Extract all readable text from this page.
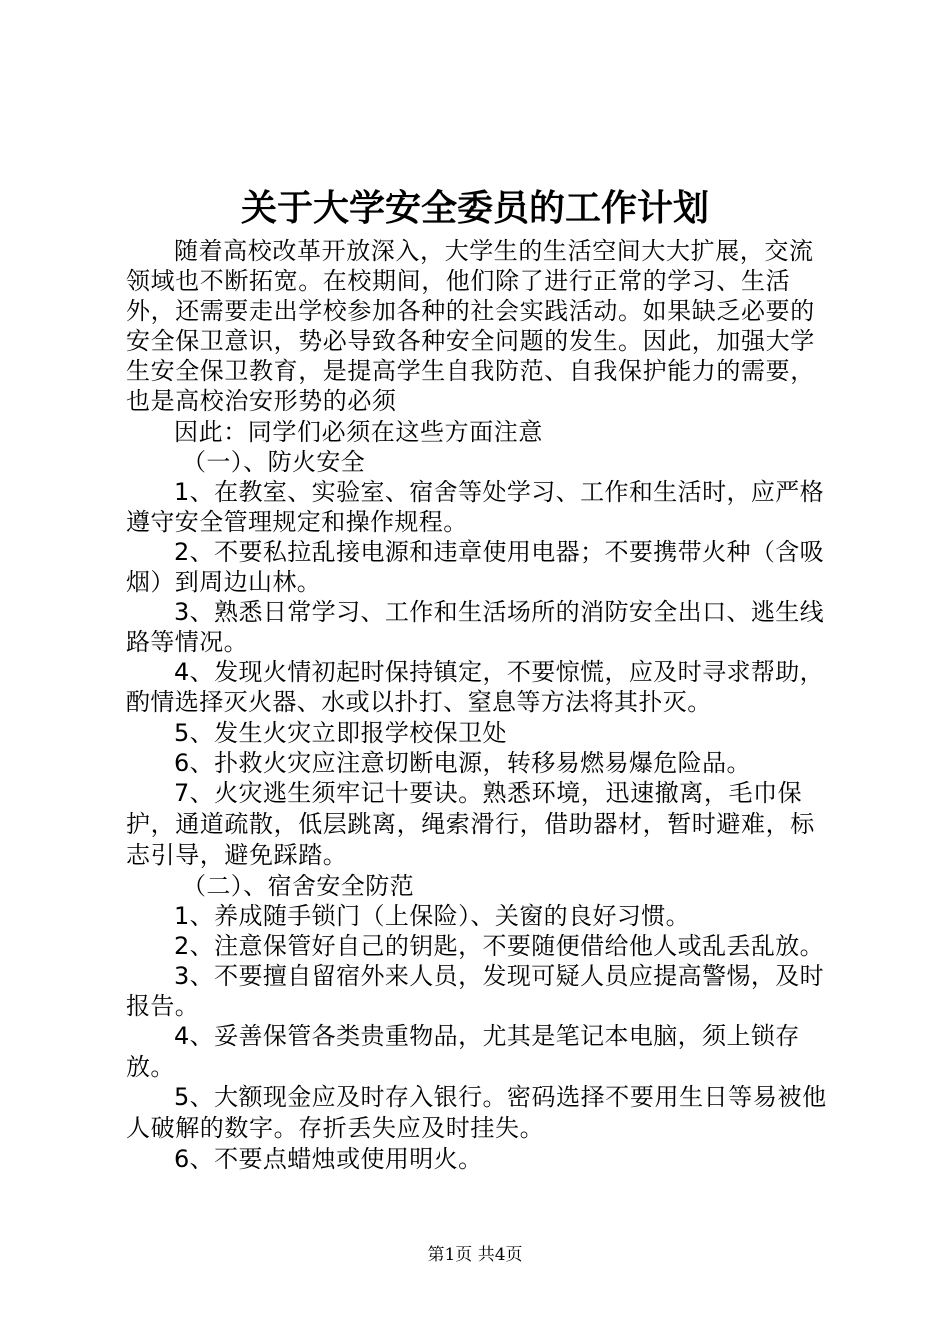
关于大学安全委员的工作计划

随着高校改革开放深入，大学生的生活空间大大扩展，交流领域也不断拓宽。在校期间，他们除了进行正常的学习、生活外，还需要走出学校参加各种的社会实践活动。如果缺乏必要的安全保卫意识，势必导致各种安全问题的发生。因此，加强大学生安全保卫教育，是提高学生自我防范、自我保护能力的需要，也是高校治安形势的必须

因此：同学们必须在这些方面注意

（一）、防火安全

1、在教室、实验室、宿舍等处学习、工作和生活时，应严格遵守安全管理规定和操作规程。

2、不要私拉乱接电源和违章使用电器；不要携带火种（含吸烟）到周边山林。

3、熟悉日常学习、工作和生活场所的消防安全出口、逃生线路等情况。

4、发现火情初起时保持镇定，不要惊慌，应及时寻求帮助，酌情选择灭火器、水或以扑打、窒息等方法将其扑灭。

5、发生火灾立即报学校保卫处

6、扑救火灾应注意切断电源，转移易燃易爆危险品。

7、火灾逃生须牢记十要诀。熟悉环境，迅速撤离，毛巾保护，通道疏散，低层跳离，绳索滑行，借助器材，暂时避难，标志引导，避免踩踏。

（二）、宿舍安全防范

1、养成随手锁门（上保险）、关窗的良好习惯。

2、注意保管好自己的钥匙，不要随便借给他人或乱丢乱放。

3、不要擅自留宿外来人员，发现可疑人员应提高警惕，及时报告。

4、妥善保管各类贵重物品，尤其是笔记本电脑，须上锁存放。

5、大额现金应及时存入银行。密码选择不要用生日等易被他人破解的数字。存折丢失应及时挂失。

6、不要点蜡烛或使用明火。

第1页 共4页
